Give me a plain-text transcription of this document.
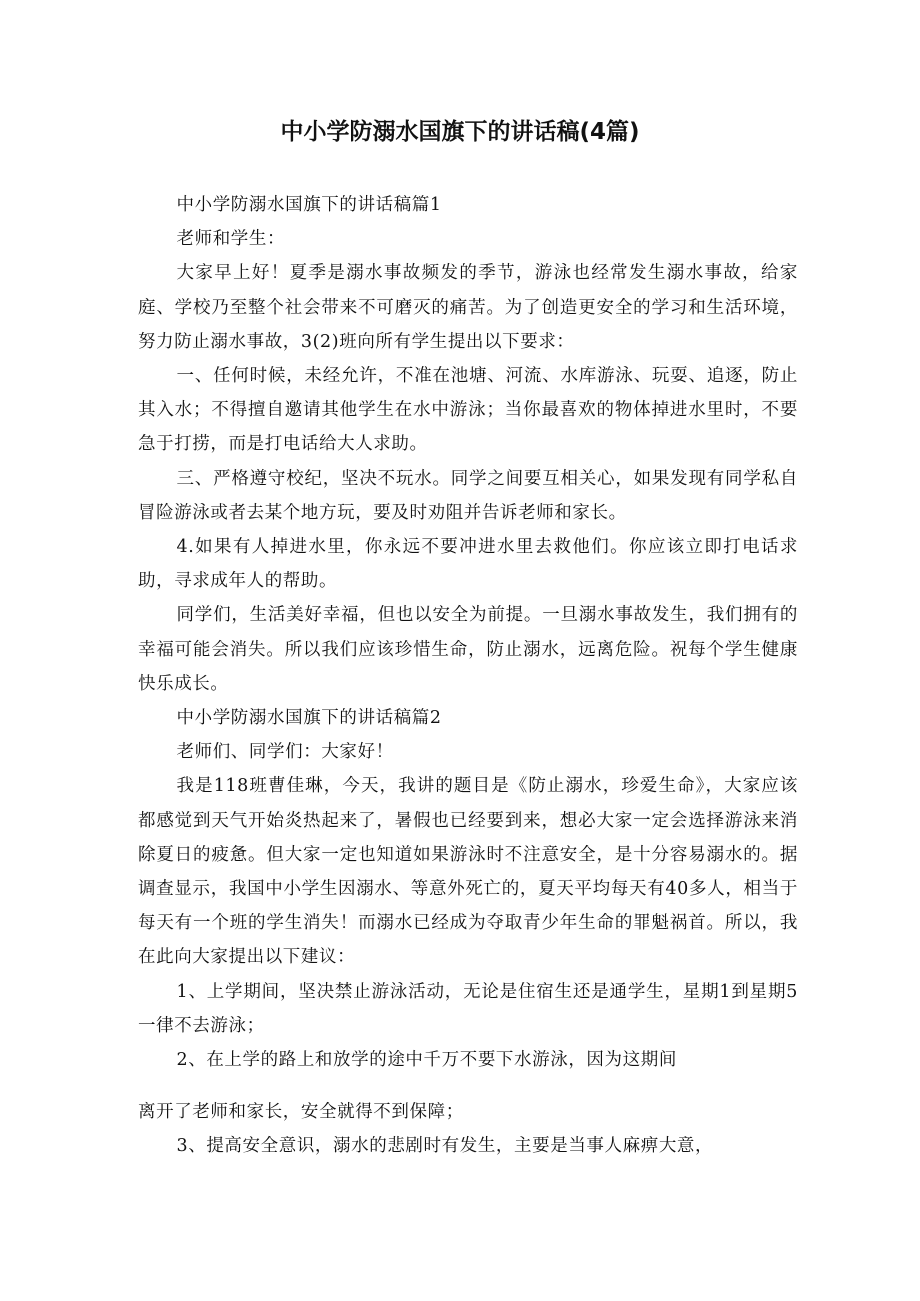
中小学防溺水国旗下的讲话稿(4篇)

中小学防溺水国旗下的讲话稿篇1

老师和学生：

大家早上好！夏季是溺水事故频发的季节，游泳也经常发生溺水事故，给家庭、学校乃至整个社会带来不可磨灭的痛苦。为了创造更安全的学习和生活环境，努力防止溺水事故，3(2)班向所有学生提出以下要求：

一、任何时候，未经允许，不准在池塘、河流、水库游泳、玩耍、追逐，防止其入水；不得擅自邀请其他学生在水中游泳；当你最喜欢的物体掉进水里时，不要急于打捞，而是打电话给大人求助。

三、严格遵守校纪，坚决不玩水。同学之间要互相关心，如果发现有同学私自冒险游泳或者去某个地方玩，要及时劝阻并告诉老师和家长。

4.如果有人掉进水里，你永远不要冲进水里去救他们。你应该立即打电话求助，寻求成年人的帮助。

同学们，生活美好幸福，但也以安全为前提。一旦溺水事故发生，我们拥有的幸福可能会消失。所以我们应该珍惜生命，防止溺水，远离危险。祝每个学生健康快乐成长。

中小学防溺水国旗下的讲话稿篇2

老师们、同学们：大家好！

我是118班曹佳琳，今天，我讲的题目是《防止溺水，珍爱生命》，大家应该都感觉到天气开始炎热起来了，暑假也已经要到来，想必大家一定会选择游泳来消除夏日的疲惫。但大家一定也知道如果游泳时不注意安全，是十分容易溺水的。据调查显示，我国中小学生因溺水、等意外死亡的，夏天平均每天有40多人，相当于每天有一个班的学生消失！而溺水已经成为夺取青少年生命的罪魁祸首。所以，我在此向大家提出以下建议：

1、上学期间，坚决禁止游泳活动，无论是住宿生还是通学生，星期1到星期5一律不去游泳；

2、在上学的路上和放学的途中千万不要下水游泳，因为这期间

离开了老师和家长，安全就得不到保障；

3、提高安全意识，溺水的悲剧时有发生，主要是当事人麻痹大意，
